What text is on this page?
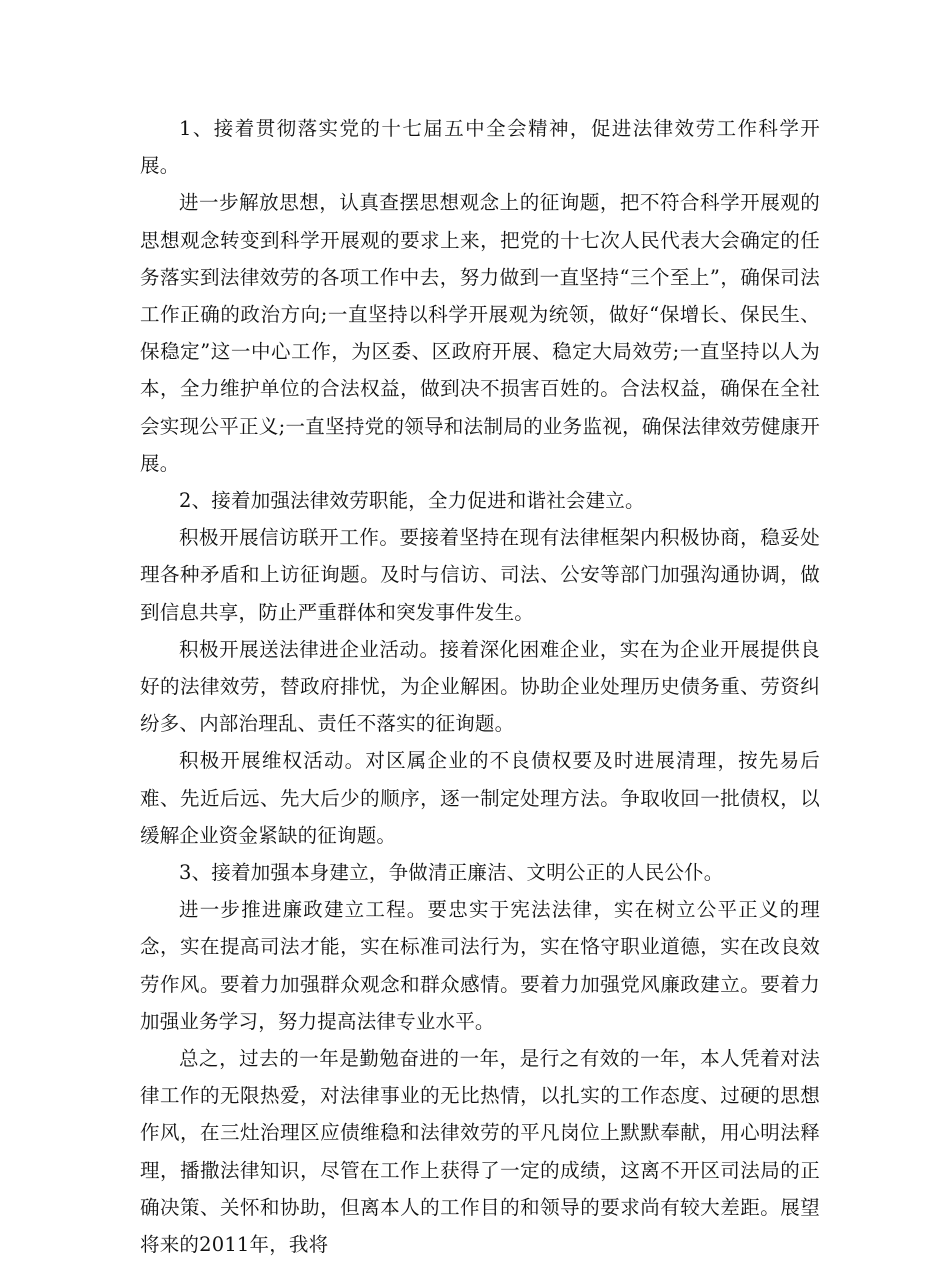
1、接着贯彻落实党的十七届五中全会精神，促进法律效劳工作科学开展。

进一步解放思想，认真查摆思想观念上的征询题，把不符合科学开展观的思想观念转变到科学开展观的要求上来，把党的十七次人民代表大会确定的任务落实到法律效劳的各项工作中去，努力做到一直坚持“三个至上”，确保司法工作正确的政治方向;一直坚持以科学开展观为统领，做好“保增长、保民生、保稳定”这一中心工作，为区委、区政府开展、稳定大局效劳;一直坚持以人为本，全力维护单位的合法权益，做到决不损害百姓的。合法权益，确保在全社会实现公平正义;一直坚持党的领导和法制局的业务监视，确保法律效劳健康开展。

2、接着加强法律效劳职能，全力促进和谐社会建立。

积极开展信访联开工作。要接着坚持在现有法律框架内积极协商，稳妥处理各种矛盾和上访征询题。及时与信访、司法、公安等部门加强沟通协调，做到信息共享，防止严重群体和突发事件发生。

积极开展送法律进企业活动。接着深化困难企业，实在为企业开展提供良好的法律效劳，替政府排忧，为企业解困。协助企业处理历史债务重、劳资纠纷多、内部治理乱、责任不落实的征询题。

积极开展维权活动。对区属企业的不良债权要及时进展清理，按先易后难、先近后远、先大后少的顺序，逐一制定处理方法。争取收回一批债权，以缓解企业资金紧缺的征询题。

3、接着加强本身建立，争做清正廉洁、文明公正的人民公仆。

进一步推进廉政建立工程。要忠实于宪法法律，实在树立公平正义的理念，实在提高司法才能，实在标准司法行为，实在恪守职业道德，实在改良效劳作风。要着力加强群众观念和群众感情。要着力加强党风廉政建立。要着力加强业务学习，努力提高法律专业水平。

总之，过去的一年是勤勉奋进的一年，是行之有效的一年，本人凭着对法律工作的无限热爱，对法律事业的无比热情，以扎实的工作态度、过硬的思想作风，在三灶治理区应债维稳和法律效劳的平凡岗位上默默奉献，用心明法释理，播撒法律知识，尽管在工作上获得了一定的成绩，这离不开区司法局的正确决策、关怀和协助，但离本人的工作目的和领导的要求尚有较大差距。展望将来的2011年，我将
